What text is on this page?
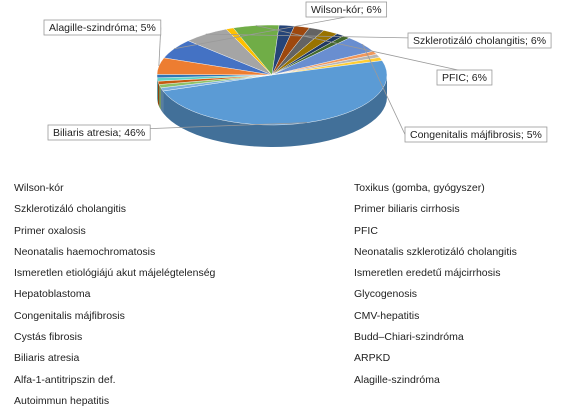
Wilson-kór; 6%
Szklerotizáló cholangitis; 6%
PFIC; 6%
Congenitalis májfibrosis; 5%
Biliaris atresia; 46%
Alagille-szindróma; 5%
Wilson-kór
Szklerotizáló cholangitis
Primer oxalosis
Neonatalis haemochromatosis
Ismeretlen etiológiájú akut májelégtelenség
Hepatoblastoma
Congenitalis májfibrosis
Cystás fibrosis
Biliaris atresia
Alfa-1-antitripszin def.
Autoimmun hepatitis
Toxikus (gomba, gyógyszer)
Primer biliaris cirrhosis
PFIC
Neonatalis szklerotizáló cholangitis
Ismeretlen eredetű májcirrhosis
Glycogenosis
CMV-hepatitis
Budd–Chiari-szindróma
ARPKD
Alagille-szindróma
